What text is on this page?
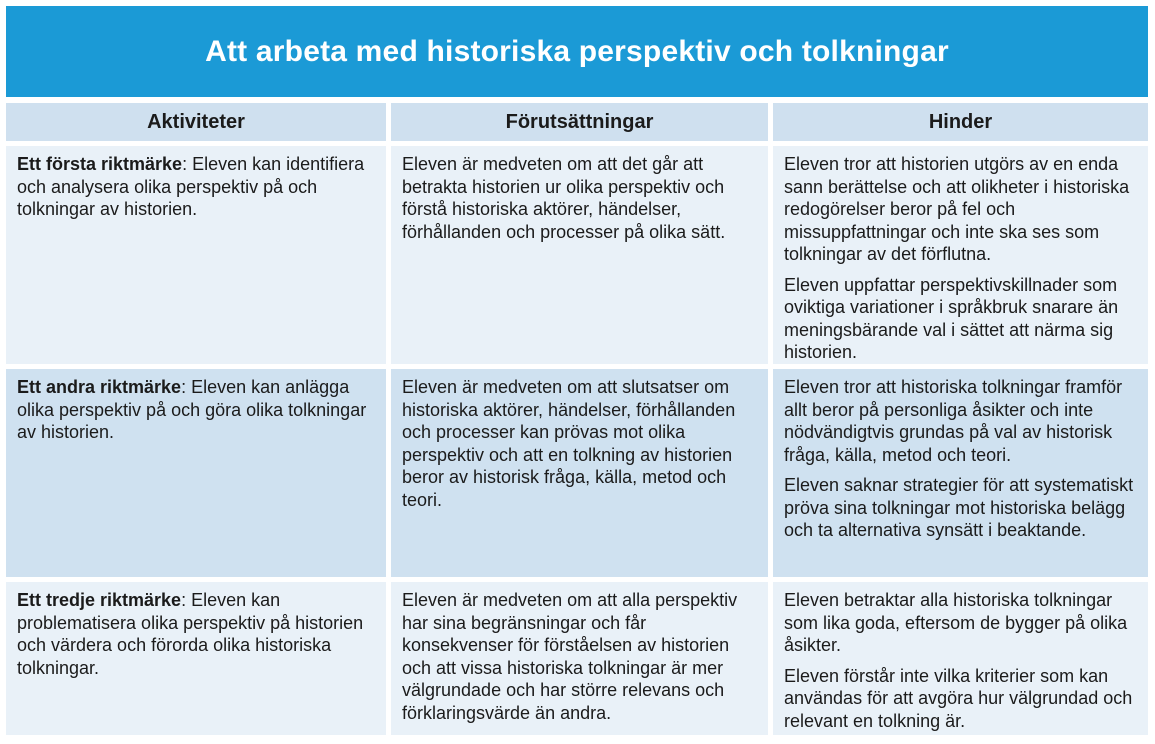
Att arbeta med historiska perspektiv och tolkningar
Aktiviteter	Förutsättningar	Hinder

Ett första riktmärke: Eleven kan identifiera och analysera olika perspektiv på och tolkningar av historien.

Eleven är medveten om att det går att betrakta historien ur olika perspektiv och förstå historiska aktörer, händelser, förhållanden och processer på olika sätt.

Eleven tror att historien utgörs av en enda sann berättelse och att olikheter i historiska redogörelser beror på fel och missuppfattningar och inte ska ses som tolkningar av det förflutna.

Eleven uppfattar perspektivskillnader som oviktiga variationer i språkbruk snarare än meningsbärande val i sättet att närma sig historien.

Ett andra riktmärke: Eleven kan anlägga olika perspektiv på och göra olika tolkningar av historien.

Eleven är medveten om att slutsatser om historiska aktörer, händelser, förhållanden och processer kan prövas mot olika perspektiv och att en tolkning av historien beror av historisk fråga, källa, metod och teori.

Eleven tror att historiska tolkningar framför allt beror på personliga åsikter och inte nödvändigtvis grundas på val av historisk fråga, källa, metod och teori.

Eleven saknar strategier för att systematiskt pröva sina tolkningar mot historiska belägg och ta alternativa synsätt i beaktande.

Ett tredje riktmärke: Eleven kan problematisera olika perspektiv på historien och värdera och förorda olika historiska tolkningar.

Eleven är medveten om att alla perspektiv har sina begränsningar och får konsekvenser för förståelsen av historien och att vissa historiska tolkningar är mer välgrundade och har större relevans och förklaringsvärde än andra.

Eleven betraktar alla historiska tolkningar som lika goda, eftersom de bygger på olika åsikter.

Eleven förstår inte vilka kriterier som kan användas för att avgöra hur välgrundad och relevant en tolkning är.
